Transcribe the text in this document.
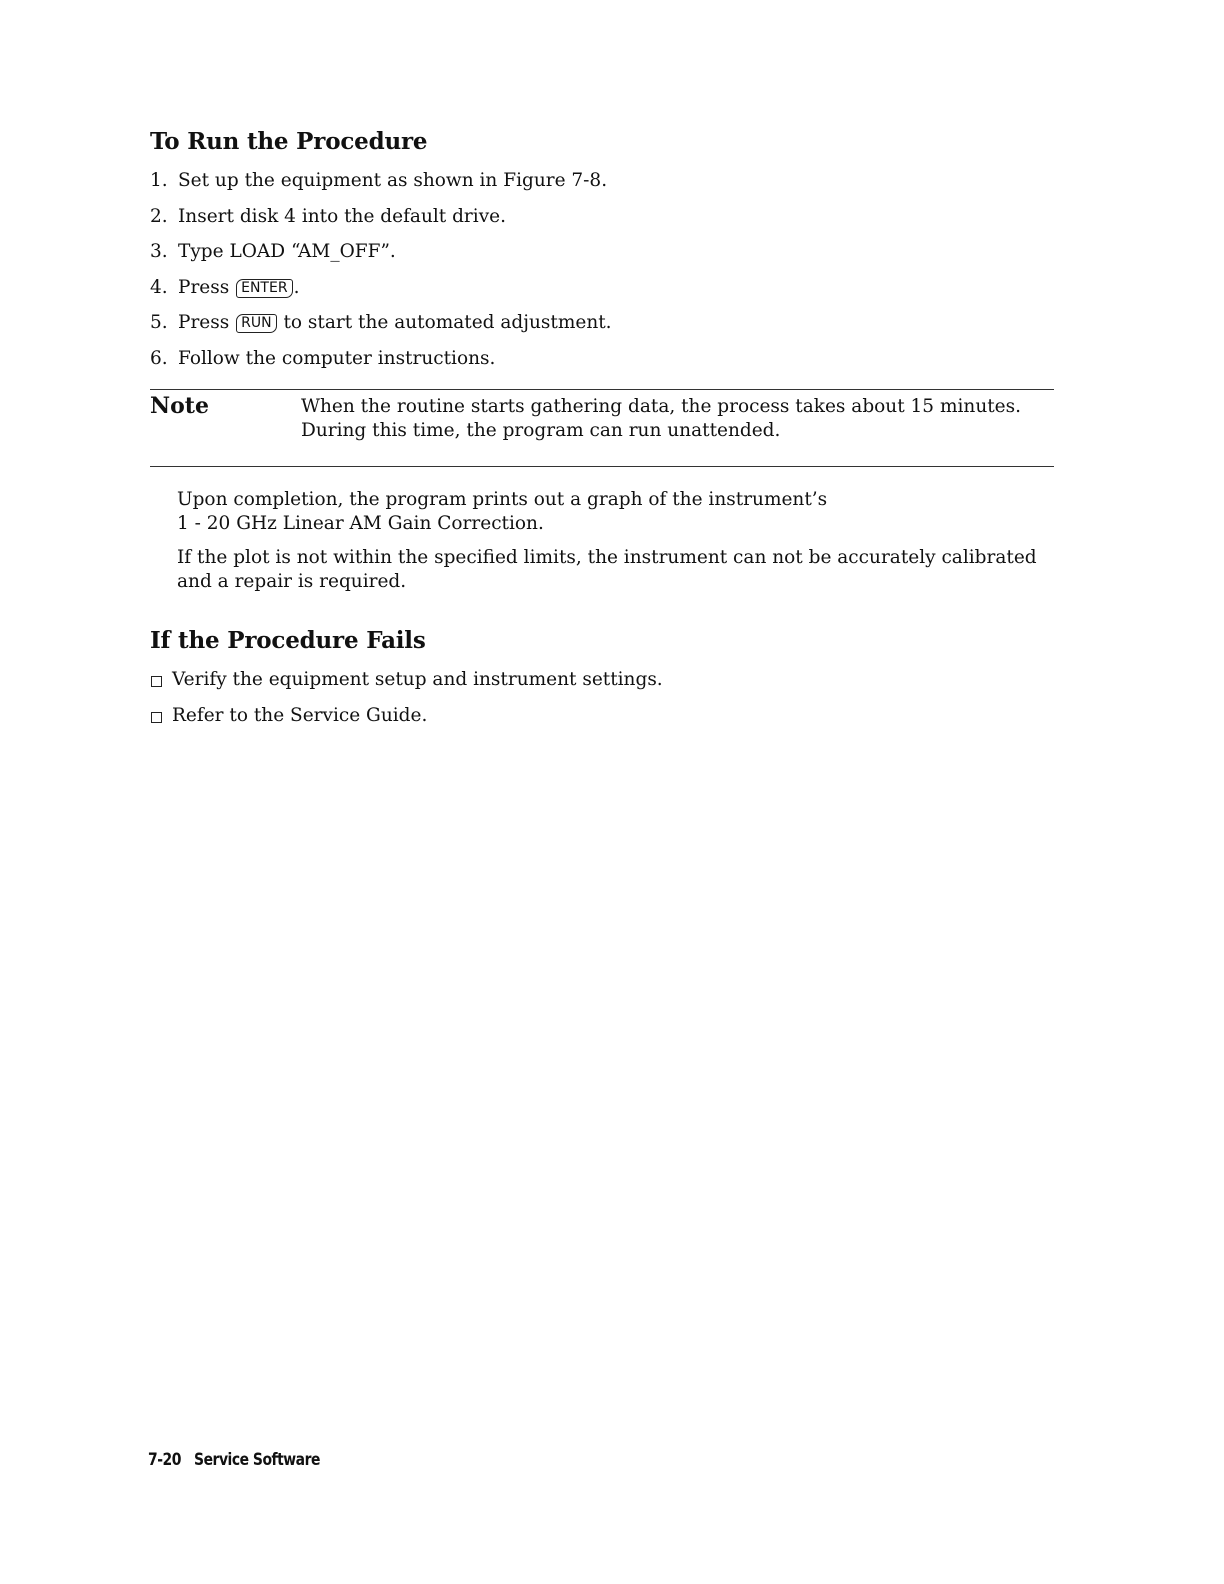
To Run the Procedure
1. Set up the equipment as shown in Figure 7-8.
2. Insert disk 4 into the default drive.
3. Type LOAD “AM_OFF”.
4. Press ENTER .
5. Press RUN to start the automated adjustment.
6. Follow the computer instructions.
Note	When the routine starts gathering data, the process takes about 15 minutes.
During this time, the program can run unattended.
Upon completion, the program prints out a graph of the instrument’s
1 - 20 GHz Linear AM Gain Correction.
If the plot is not within the specified limits, the instrument can not be accurately calibrated
and a repair is required.
If the Procedure Fails
Verify the equipment setup and instrument settings.
Refer to the Service Guide.
7-20 Service Software
